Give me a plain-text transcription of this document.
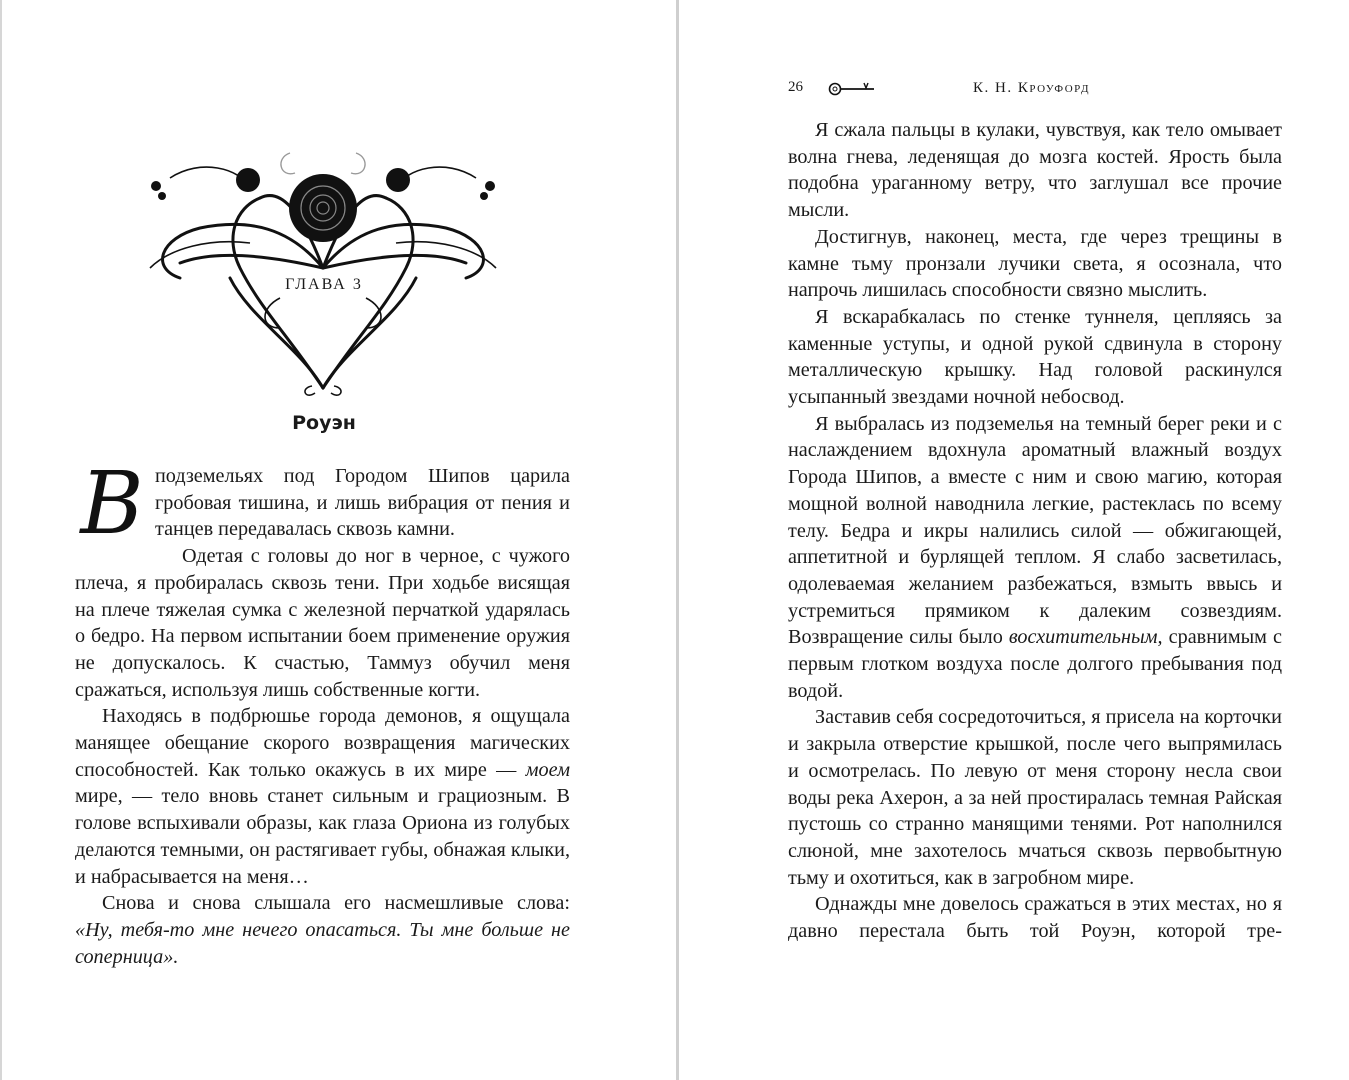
ГЛАВА 3
Роуэн

В подземельях под Городом Шипов царила гробовая тишина, и лишь вибрация от пения и танцев передавалась сквозь камни.

Одетая с головы до ног в черное, с чужого плеча, я пробиралась сквозь тени. При ходьбе висящая на плече тяжелая сумка с железной перчаткой ударялась о бедро. На первом испытании боем применение оружия не допускалось. К счастью, Таммуз обучил меня сражаться, используя лишь собственные когти.

Находясь в подбрюшье города демонов, я ощущала манящее обещание скорого возвращения магических способностей. Как только окажусь в их мире — моем мире, — тело вновь станет сильным и грациозным. В голове вспыхивали образы, как глаза Ориона из голубых делаются темными, он растягивает губы, обнажая клыки, и набрасывается на меня…

Снова и снова слышала его насмешливые слова:

«Ну, тебя-то мне нечего опасаться. Ты мне больше не соперница».

26	К. Н. Кроуфорд

Я сжала пальцы в кулаки, чувствуя, как тело омывает волна гнева, леденящая до мозга костей. Ярость была подобна ураганному ветру, что заглушал все прочие мысли.

Достигнув, наконец, места, где через трещины в камне тьму пронзали лучики света, я осознала, что напрочь лишилась способности связно мыслить.

Я вскарабкалась по стенке туннеля, цепляясь за каменные уступы, и одной рукой сдвинула в сторону металлическую крышку. Над головой раскинулся усыпанный звездами ночной небосвод.

Я выбралась из подземелья на темный берег реки и с наслаждением вдохнула ароматный влажный воздух Города Шипов, а вместе с ним и свою магию, которая мощной волной наводнила легкие, растеклась по всему телу. Бедра и икры налились силой — обжигающей, аппетитной и бурлящей теплом. Я слабо засветилась, одолеваемая желанием разбежаться, взмыть ввысь и устремиться прямиком к далеким созвездиям. Возвращение силы было восхитительным, сравнимым с первым глотком воздуха после долгого пребывания под водой.

Заставив себя сосредоточиться, я присела на корточки и закрыла отверстие крышкой, после чего выпрямилась и осмотрелась. По левую от меня сторону несла свои воды река Ахерон, а за ней простиралась темная Райская пустошь со странно манящими тенями. Рот наполнился слюной, мне захотелось мчаться сквозь первобытную тьму и охотиться, как в загробном мире.

Однажды мне довелось сражаться в этих местах, но я давно перестала быть той Роуэн, которой тре-
